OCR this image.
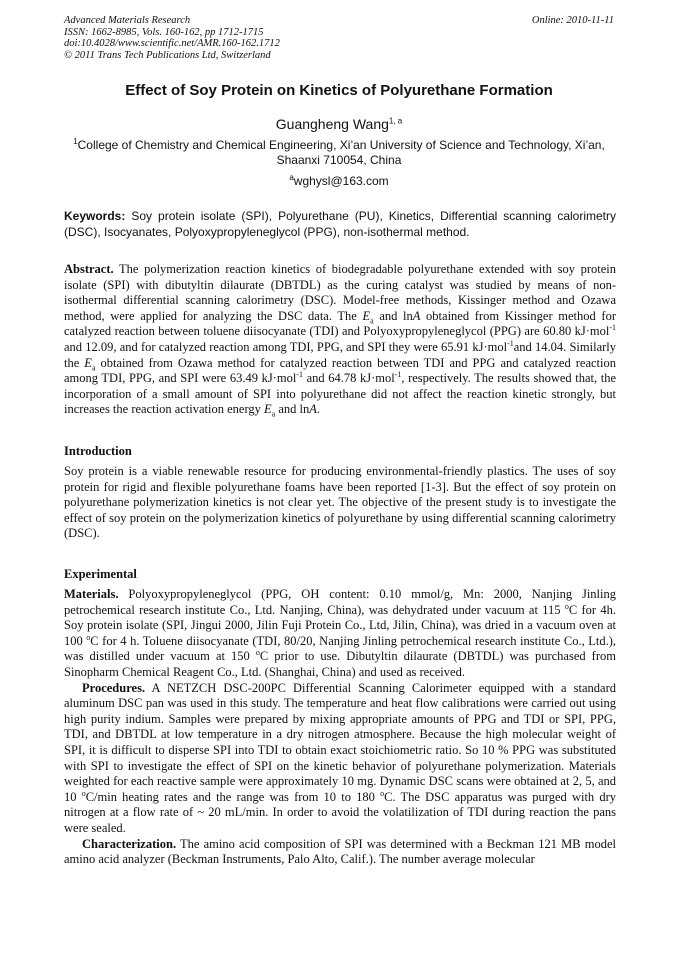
Advanced Materials Research
ISSN: 1662-8985, Vols. 160-162, pp 1712-1715
doi:10.4028/www.scientific.net/AMR.160-162.1712
© 2011 Trans Tech Publications Ltd, Switzerland
Online: 2010-11-11
Effect of Soy Protein on Kinetics of Polyurethane Formation
Guangheng Wang$^{1, a}$
$^1$College of Chemistry and Chemical Engineering, Xi’an University of Science and Technology, Xi’an,
Shaanxi 710054, China
$^a$wghysl@163.com
Keywords: Soy protein isolate (SPI), Polyurethane (PU), Kinetics, Differential scanning calorimetry (DSC), Isocyanates, Polyoxypropyleneglycol (PPG), non-isothermal method.
Abstract. The polymerization reaction kinetics of biodegradable polyurethane extended with soy protein isolate (SPI) with dibutyltin dilaurate (DBTDL) as the curing catalyst was studied by means of non-isothermal differential scanning calorimetry (DSC). Model-free methods, Kissinger method and Ozawa method, were applied for analyzing the DSC data. The $E_a$ and lnA obtained from Kissinger method for catalyzed reaction between toluene diisocyanate (TDI) and Polyoxypropyleneglycol (PPG) are 60.80 kJ·mol$^{-1}$ and 12.09, and for catalyzed reaction among TDI, PPG, and SPI they were 65.91 kJ·mol$^{-1}$and 14.04. Similarly the $E_a$ obtained from Ozawa method for catalyzed reaction between TDI and PPG and catalyzed reaction among TDI, PPG, and SPI were 63.49 kJ·mol$^{-1}$ and 64.78 kJ·mol$^{-1}$, respectively. The results showed that, the incorporation of a small amount of SPI into polyurethane did not affect the reaction kinetic strongly, but increases the reaction activation energy $E_a$ and lnA.
Introduction
Soy protein is a viable renewable resource for producing environmental-friendly plastics. The uses of soy protein for rigid and flexible polyurethane foams have been reported [1-3]. But the effect of soy protein on polyurethane polymerization kinetics is not clear yet. The objective of the present study is to investigate the effect of soy protein on the polymerization kinetics of polyurethane by using differential scanning calorimetry (DSC).
Experimental

Materials. Polyoxypropyleneglycol (PPG, OH content: 0.10 mmol/g, Mn: 2000, Nanjing Jinling petrochemical research institute Co., Ltd. Nanjing, China), was dehydrated under vacuum at 115 $^o$C for 4h. Soy protein isolate (SPI, Jingui 2000, Jilin Fuji Protein Co., Ltd, Jilin, China), was dried in a vacuum oven at 100 $^o$C for 4 h. Toluene diisocyanate (TDI, 80/20, Nanjing Jinling petrochemical research institute Co., Ltd.), was distilled under vacuum at 150 $^o$C prior to use. Dibutyltin dilaurate (DBTDL) was purchased from Sinopharm Chemical Reagent Co., Ltd. (Shanghai, China) and used as received.

Procedures. A NETZCH DSC-200PC Differential Scanning Calorimeter equipped with a standard aluminum DSC pan was used in this study. The temperature and heat flow calibrations were carried out using high purity indium. Samples were prepared by mixing appropriate amounts of PPG and TDI or SPI, PPG, TDI, and DBTDL at low temperature in a dry nitrogen atmosphere. Because the high molecular weight of SPI, it is difficult to disperse SPI into TDI to obtain exact stoichiometric ratio. So 10 % PPG was substituted with SPI to investigate the effect of SPI on the kinetic behavior of polyurethane polymerization. Materials weighted for each reactive sample were approximately 10 mg. Dynamic DSC scans were obtained at 2, 5, and 10 $^o$C/min heating rates and the range was from 10 to 180 $^o$C. The DSC apparatus was purged with dry nitrogen at a flow rate of ~ 20 mL/min. In order to avoid the volatilization of TDI during reaction the pans were sealed.

Characterization. The amino acid composition of SPI was determined with a Beckman 121 MB model amino acid analyzer (Beckman Instruments, Palo Alto, Calif.). The number average molecular
